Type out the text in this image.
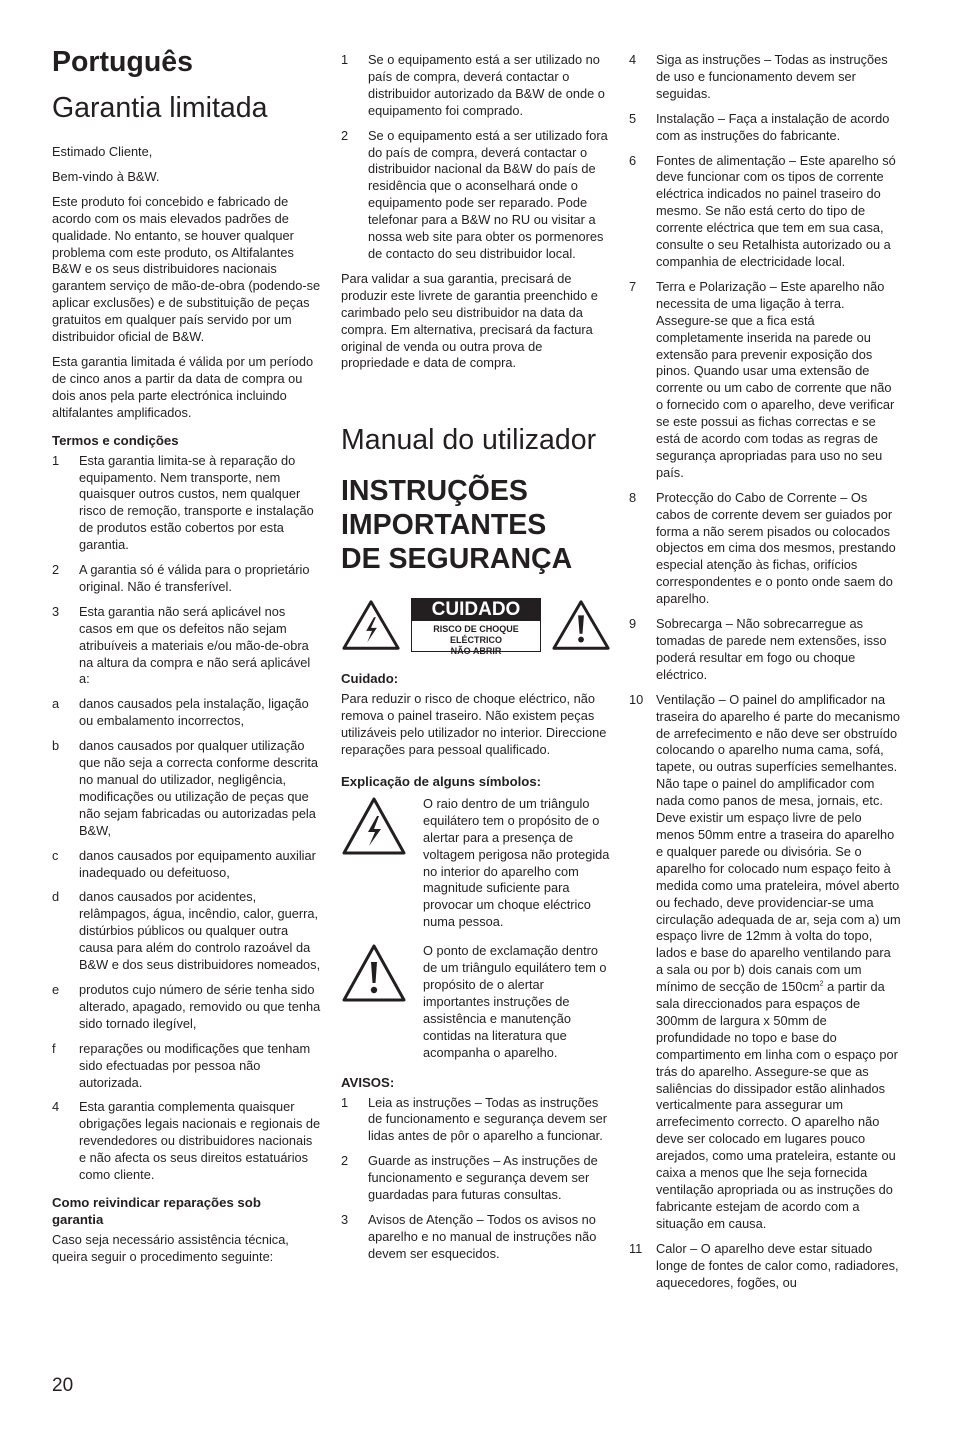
Português
Garantia limitada

Estimado Cliente,

Bem-vindo à B&W.

Este produto foi concebido e fabricado de acordo com os mais elevados padrões de qualidade. No entanto, se houver qualquer problema com este produto, os Altifalantes B&W e os seus distribuidores nacionais garantem serviço de mão-de-obra (podendo-se aplicar exclusões) e de substituição de peças gratuitos em qualquer país servido por um distribuidor oficial de B&W.

Esta garantia limitada é válida por um período de cinco anos a partir da data de compra ou dois anos pela parte electrónica incluindo altifalantes amplificados.

Termos e condições
1	Esta garantia limita-se à reparação do equipamento. Nem transporte, nem quaisquer outros custos, nem qualquer risco de remoção, transporte e instalação de produtos estão cobertos por esta garantia.
2	A garantia só é válida para o proprietário original. Não é transferível.
3	Esta garantia não será aplicável nos casos em que os defeitos não sejam atribuíveis a materiais e/ou mão-de-obra na altura da compra e não será aplicável a:
a	danos causados pela instalação, ligação ou embalamento incorrectos,
b	danos causados por qualquer utilização que não seja a correcta conforme descrita no manual do utilizador, negligência, modificações ou utilização de peças que não sejam fabricadas ou autorizadas pela B&W,
c	danos causados por equipamento auxiliar inadequado ou defeituoso,
d	danos causados por acidentes, relâmpagos, água, incêndio, calor, guerra, distúrbios públicos ou qualquer outra causa para além do controlo razoável da B&W e dos seus distribuidores nomeados,
e	produtos cujo número de série tenha sido alterado, apagado, removido ou que tenha sido tornado ilegível,
f	reparações ou modificações que tenham sido efectuadas por pessoa não autorizada.
4	Esta garantia complementa quaisquer obrigações legais nacionais e regionais de revendedores ou distribuidores nacionais e não afecta os seus direitos estatuários como cliente.
Como reivindicar reparações sob
garantia

Caso seja necessário assistência técnica, queira seguir o procedimento seguinte:

1	Se o equipamento está a ser utilizado no país de compra, deverá contactar o distribuidor autorizado da B&W de onde o equipamento foi comprado.
2	Se o equipamento está a ser utilizado fora do país de compra, deverá contactar o distribuidor nacional da B&W do país de residência que o aconselhará onde o equipamento pode ser reparado. Pode telefonar para a B&W no RU ou visitar a nossa web site para obter os pormenores de contacto do seu distribuidor local.

Para validar a sua garantia, precisará de produzir este livrete de garantia preenchido e carimbado pelo seu distribuidor na data da compra. Em alternativa, precisará da factura original de venda ou outra prova de propriedade e data de compra.

Manual do utilizador
INSTRUÇÕES
IMPORTANTES
DE SEGURANÇA
CUIDADO
RISCO DE CHOQUE ELÉCTRICO
NÃO ABRIR
Cuidado:

Para reduzir o risco de choque eléctrico, não remova o painel traseiro. Não existem peças utilizáveis pelo utilizador no interior. Direccione reparações para pessoal qualificado.

Explicação de alguns símbolos:

O raio dentro de um triângulo equilátero tem o propósito de o alertar para a presença de voltagem perigosa não protegida no interior do aparelho com magnitude suficiente para provocar um choque eléctrico numa pessoa.

O ponto de exclamação dentro de um triângulo equilátero tem o propósito de o alertar importantes instruções de assistência e manutenção contidas na literatura que acompanha o aparelho.

AVISOS:
1	Leia as instruções – Todas as instruções de funcionamento e segurança devem ser lidas antes de pôr o aparelho a funcionar.
2	Guarde as instruções – As instruções de funcionamento e segurança devem ser guardadas para futuras consultas.
3	Avisos de Atenção – Todos os avisos no aparelho e no manual de instruções não devem ser esquecidos.
4	Siga as instruções – Todas as instruções de uso e funcionamento devem ser seguidas.
5	Instalação – Faça a instalação de acordo com as instruções do fabricante.
6	Fontes de alimentação – Este aparelho só deve funcionar com os tipos de corrente eléctrica indicados no painel traseiro do mesmo. Se não está certo do tipo de corrente eléctrica que tem em sua casa, consulte o seu Retalhista autorizado ou a companhia de electricidade local.
7	Terra e Polarização – Este aparelho não necessita de uma ligação à terra. Assegure-se que a fica está completamente inserida na parede ou extensão para prevenir exposição dos pinos. Quando usar uma extensão de corrente ou um cabo de corrente que não o fornecido com o aparelho, deve verificar se este possui as fichas correctas e se está de acordo com todas as regras de segurança apropriadas para uso no seu país.
8	Protecção do Cabo de Corrente – Os cabos de corrente devem ser guiados por forma a não serem pisados ou colocados objectos em cima dos mesmos, prestando especial atenção às fichas, orifícios correspondentes e o ponto onde saem do aparelho.
9	Sobrecarga – Não sobrecarregue as tomadas de parede nem extensões, isso poderá resultar em fogo ou choque eléctrico.
10 Ventilação – O painel do amplificador na traseira do aparelho é parte do mecanismo de arrefecimento e não deve ser obstruído colocando o aparelho numa cama, sofá, tapete, ou outras superfícies semelhantes. Não tape o painel do amplificador com nada como panos de mesa, jornais, etc. Deve existir um espaço livre de pelo menos 50mm entre a traseira do aparelho e qualquer parede ou divisória. Se o aparelho for colocado num espaço feito à medida como uma prateleira, móvel aberto ou fechado, deve providenciar-se uma circulação adequada de ar, seja com a) um espaço livre de 12mm à volta do topo, lados e base do aparelho ventilando para a sala ou por b) dois canais com um mínimo de secção de $150cm^2$ a partir da sala direccionados para espaços de 300mm de largura x 50mm de profundidade no topo e base do compartimento em linha com o espaço por trás do aparelho. Assegure-se que as saliências do dissipador estão alinhados verticalmente para assegurar um arrefecimento correcto. O aparelho não deve ser colocado em lugares pouco arejados, como uma prateleira, estante ou caixa a menos que lhe seja fornecida ventilação apropriada ou as instruções do fabricante estejam de acordo com a situação em causa.
11	Calor – O aparelho deve estar situado longe de fontes de calor como, radiadores, aquecedores, fogões, ou
20
